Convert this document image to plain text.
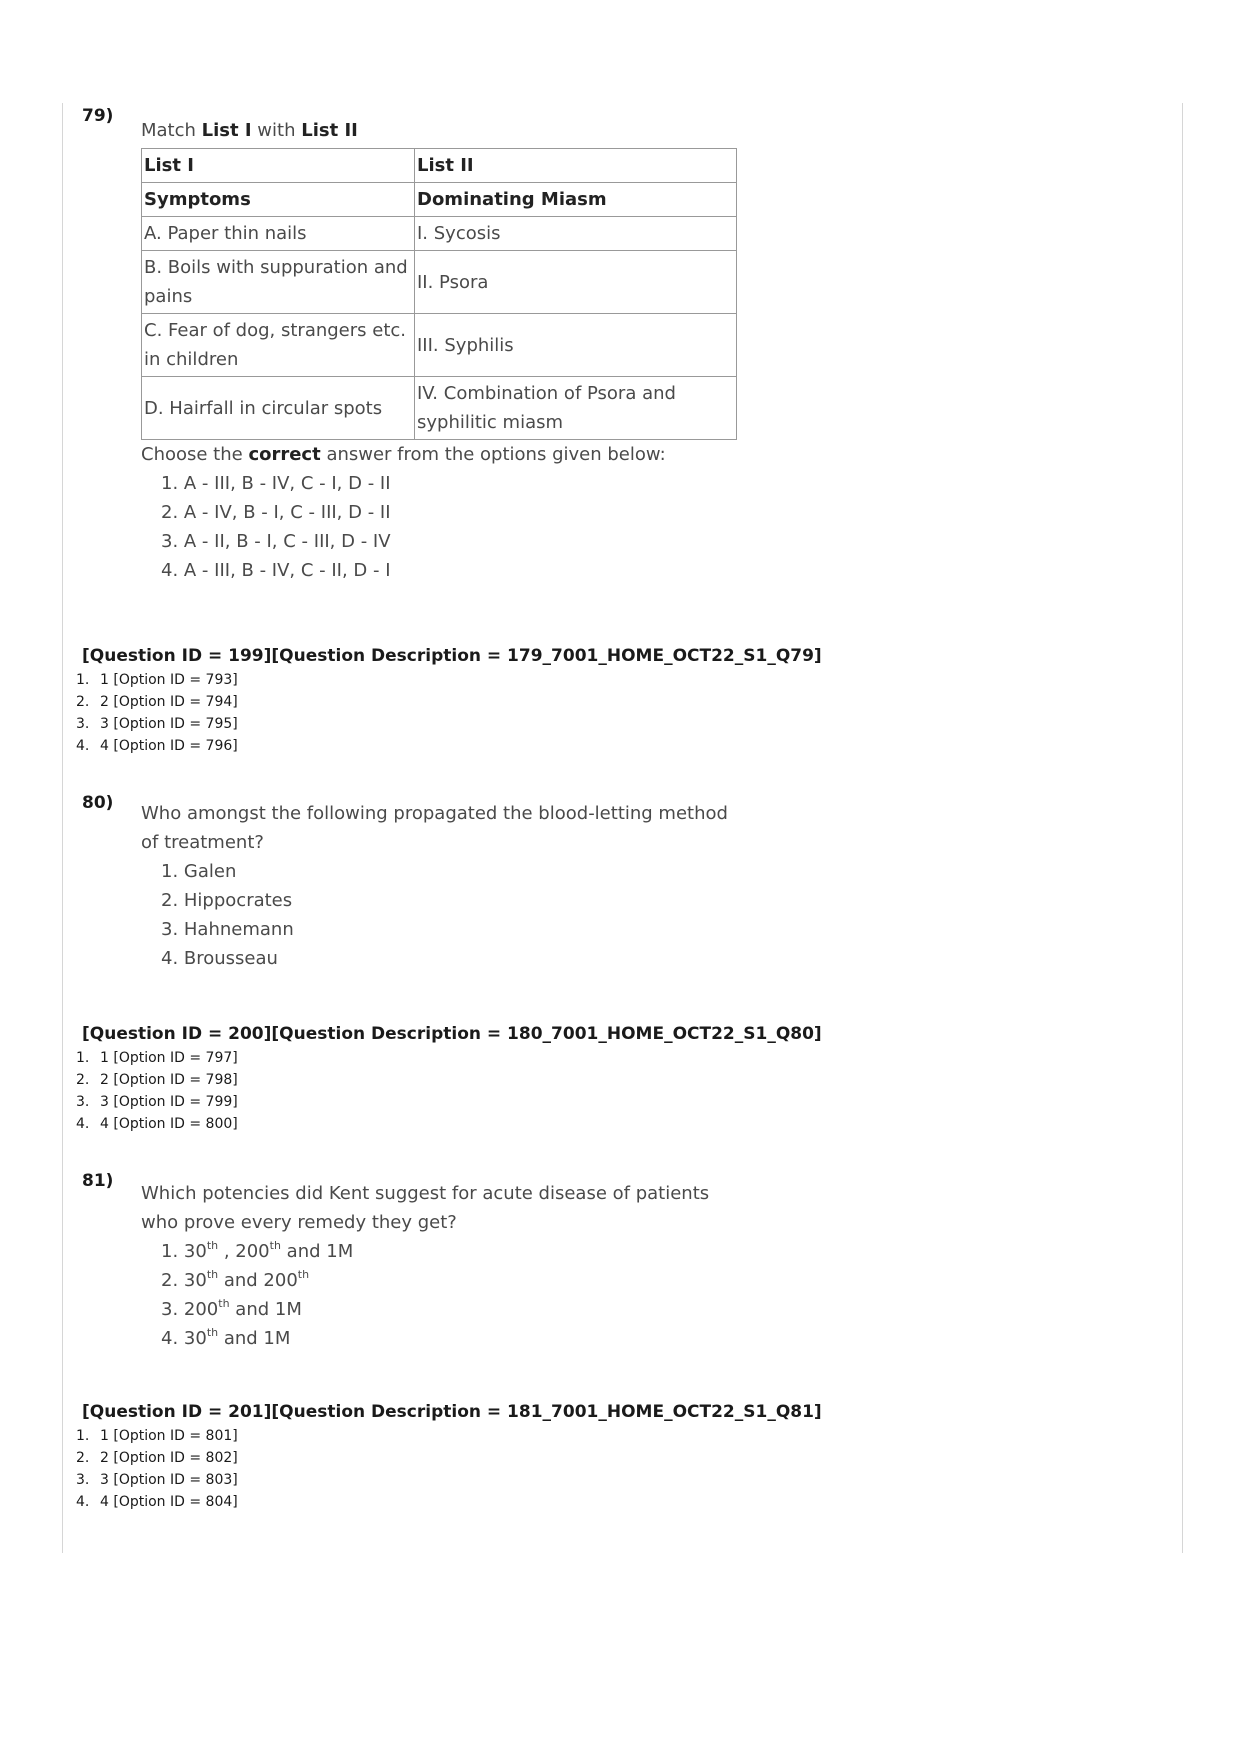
79)
Match List I with List II
List I	List II
Symptoms	Dominating Miasm
A. Paper thin nails	I. Sycosis
B. Boils with suppuration and pains	II. Psora
C. Fear of dog, strangers etc. in children	III. Syphilis
D. Hairfall in circular spots	IV. Combination of Psora and syphilitic miasm
Choose the correct answer from the options given below:
1. A - III, B - IV, C - I, D - II
2. A - IV, B - I, C - III, D - II
3. A - II, B - I, C - III, D - IV
4. A - III, B - IV, C - II, D - I
[Question ID = 199][Question Description = 179_7001_HOME_OCT22_S1_Q79]
1. 1 [Option ID = 793]
2. 2 [Option ID = 794]
3. 3 [Option ID = 795]
4. 4 [Option ID = 796]
80) Who amongst the following propagated the blood-letting method of treatment?
1. Galen
2. Hippocrates
3. Hahnemann
4. Brousseau
[Question ID = 200][Question Description = 180_7001_HOME_OCT22_S1_Q80]
1. 1 [Option ID = 797]
2. 2 [Option ID = 798]
3. 3 [Option ID = 799]
4. 4 [Option ID = 800]
81)
Which potencies did Kent suggest for acute disease of patients who prove every remedy they get?
1. 30th , 200th and 1M
2. 30th and 200th
3. 200th and 1M
4. 30th and 1M
[Question ID = 201][Question Description = 181_7001_HOME_OCT22_S1_Q81]
1. 1 [Option ID = 801]
2. 2 [Option ID = 802]
3. 3 [Option ID = 803]
4. 4 [Option ID = 804]
